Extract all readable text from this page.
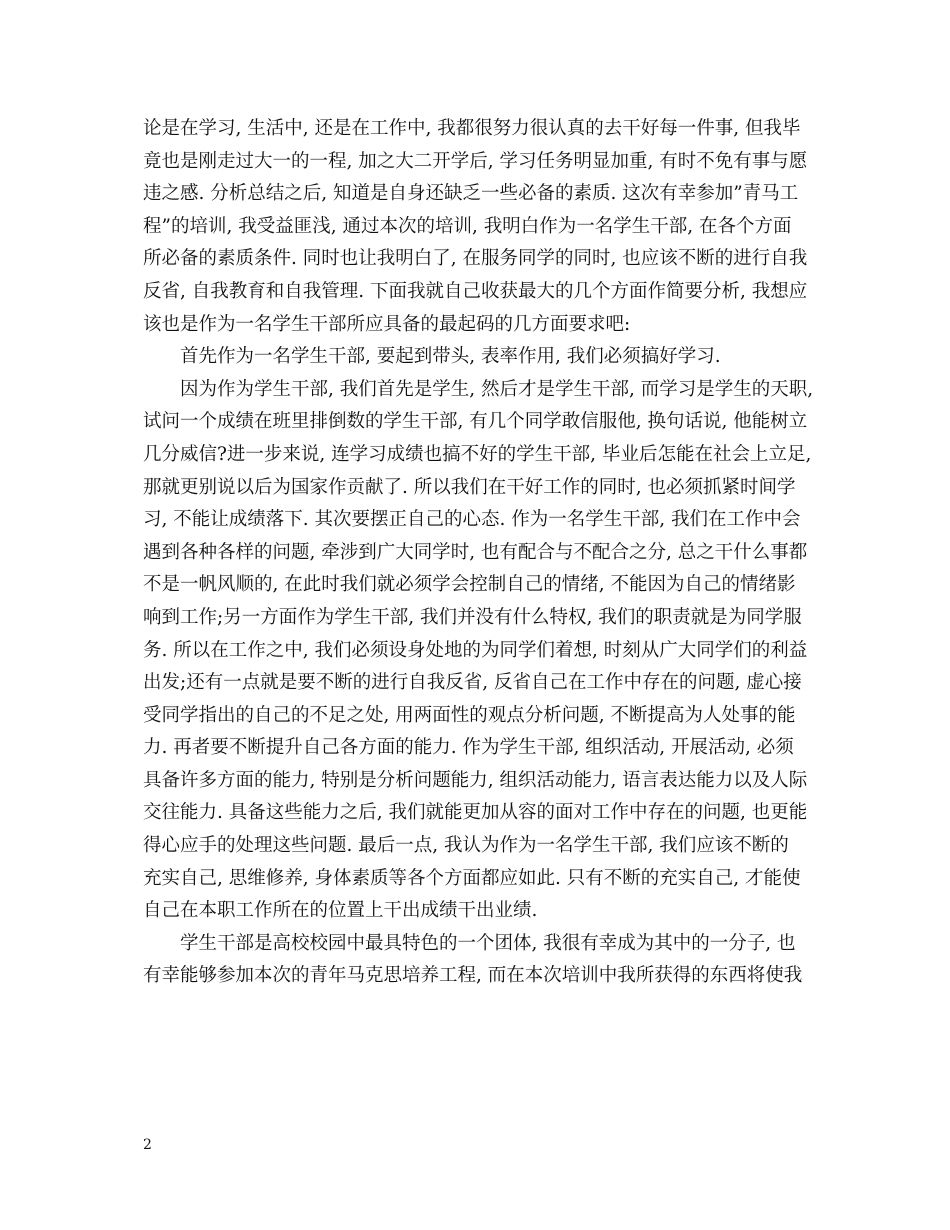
论是在学习, 生活中, 还是在工作中, 我都很努力很认真的去干好每一件事, 但我毕
竟也是刚走过大一的一程, 加之大二开学后, 学习任务明显加重, 有时不免有事与愿
违之感. 分析总结之后, 知道是自身还缺乏一些必备的素质. 这次有幸参加”青马工
程”的培训, 我受益匪浅, 通过本次的培训, 我明白作为一名学生干部, 在各个方面
所必备的素质条件. 同时也让我明白了, 在服务同学的同时, 也应该不断的进行自我
反省, 自我教育和自我管理. 下面我就自己收获最大的几个方面作简要分析, 我想应
该也是作为一名学生干部所应具备的最起码的几方面要求吧:
首先作为一名学生干部, 要起到带头, 表率作用, 我们必须搞好学习.
因为作为学生干部, 我们首先是学生, 然后才是学生干部, 而学习是学生的天职,
试问一个成绩在班里排倒数的学生干部, 有几个同学敢信服他, 换句话说, 他能树立
几分威信?进一步来说, 连学习成绩也搞不好的学生干部, 毕业后怎能在社会上立足,
那就更别说以后为国家作贡献了. 所以我们在干好工作的同时, 也必须抓紧时间学
习, 不能让成绩落下. 其次要摆正自己的心态. 作为一名学生干部, 我们在工作中会
遇到各种各样的问题, 牵涉到广大同学时, 也有配合与不配合之分, 总之干什么事都
不是一帆风顺的, 在此时我们就必须学会控制自己的情绪, 不能因为自己的情绪影
响到工作;另一方面作为学生干部, 我们并没有什么特权, 我们的职责就是为同学服
务. 所以在工作之中, 我们必须设身处地的为同学们着想, 时刻从广大同学们的利益
出发;还有一点就是要不断的进行自我反省, 反省自己在工作中存在的问题, 虚心接
受同学指出的自己的不足之处, 用两面性的观点分析问题, 不断提高为人处事的能
力. 再者要不断提升自己各方面的能力. 作为学生干部, 组织活动, 开展活动, 必须
具备许多方面的能力, 特别是分析问题能力, 组织活动能力, 语言表达能力以及人际
交往能力. 具备这些能力之后, 我们就能更加从容的面对工作中存在的问题, 也更能
得心应手的处理这些问题. 最后一点, 我认为作为一名学生干部, 我们应该不断的
充实自己, 思维修养, 身体素质等各个方面都应如此. 只有不断的充实自己, 才能使
自己在本职工作所在的位置上干出成绩干出业绩.
学生干部是高校校园中最具特色的一个团体, 我很有幸成为其中的一分子, 也
有幸能够参加本次的青年马克思培养工程, 而在本次培训中我所获得的东西将使我
2
